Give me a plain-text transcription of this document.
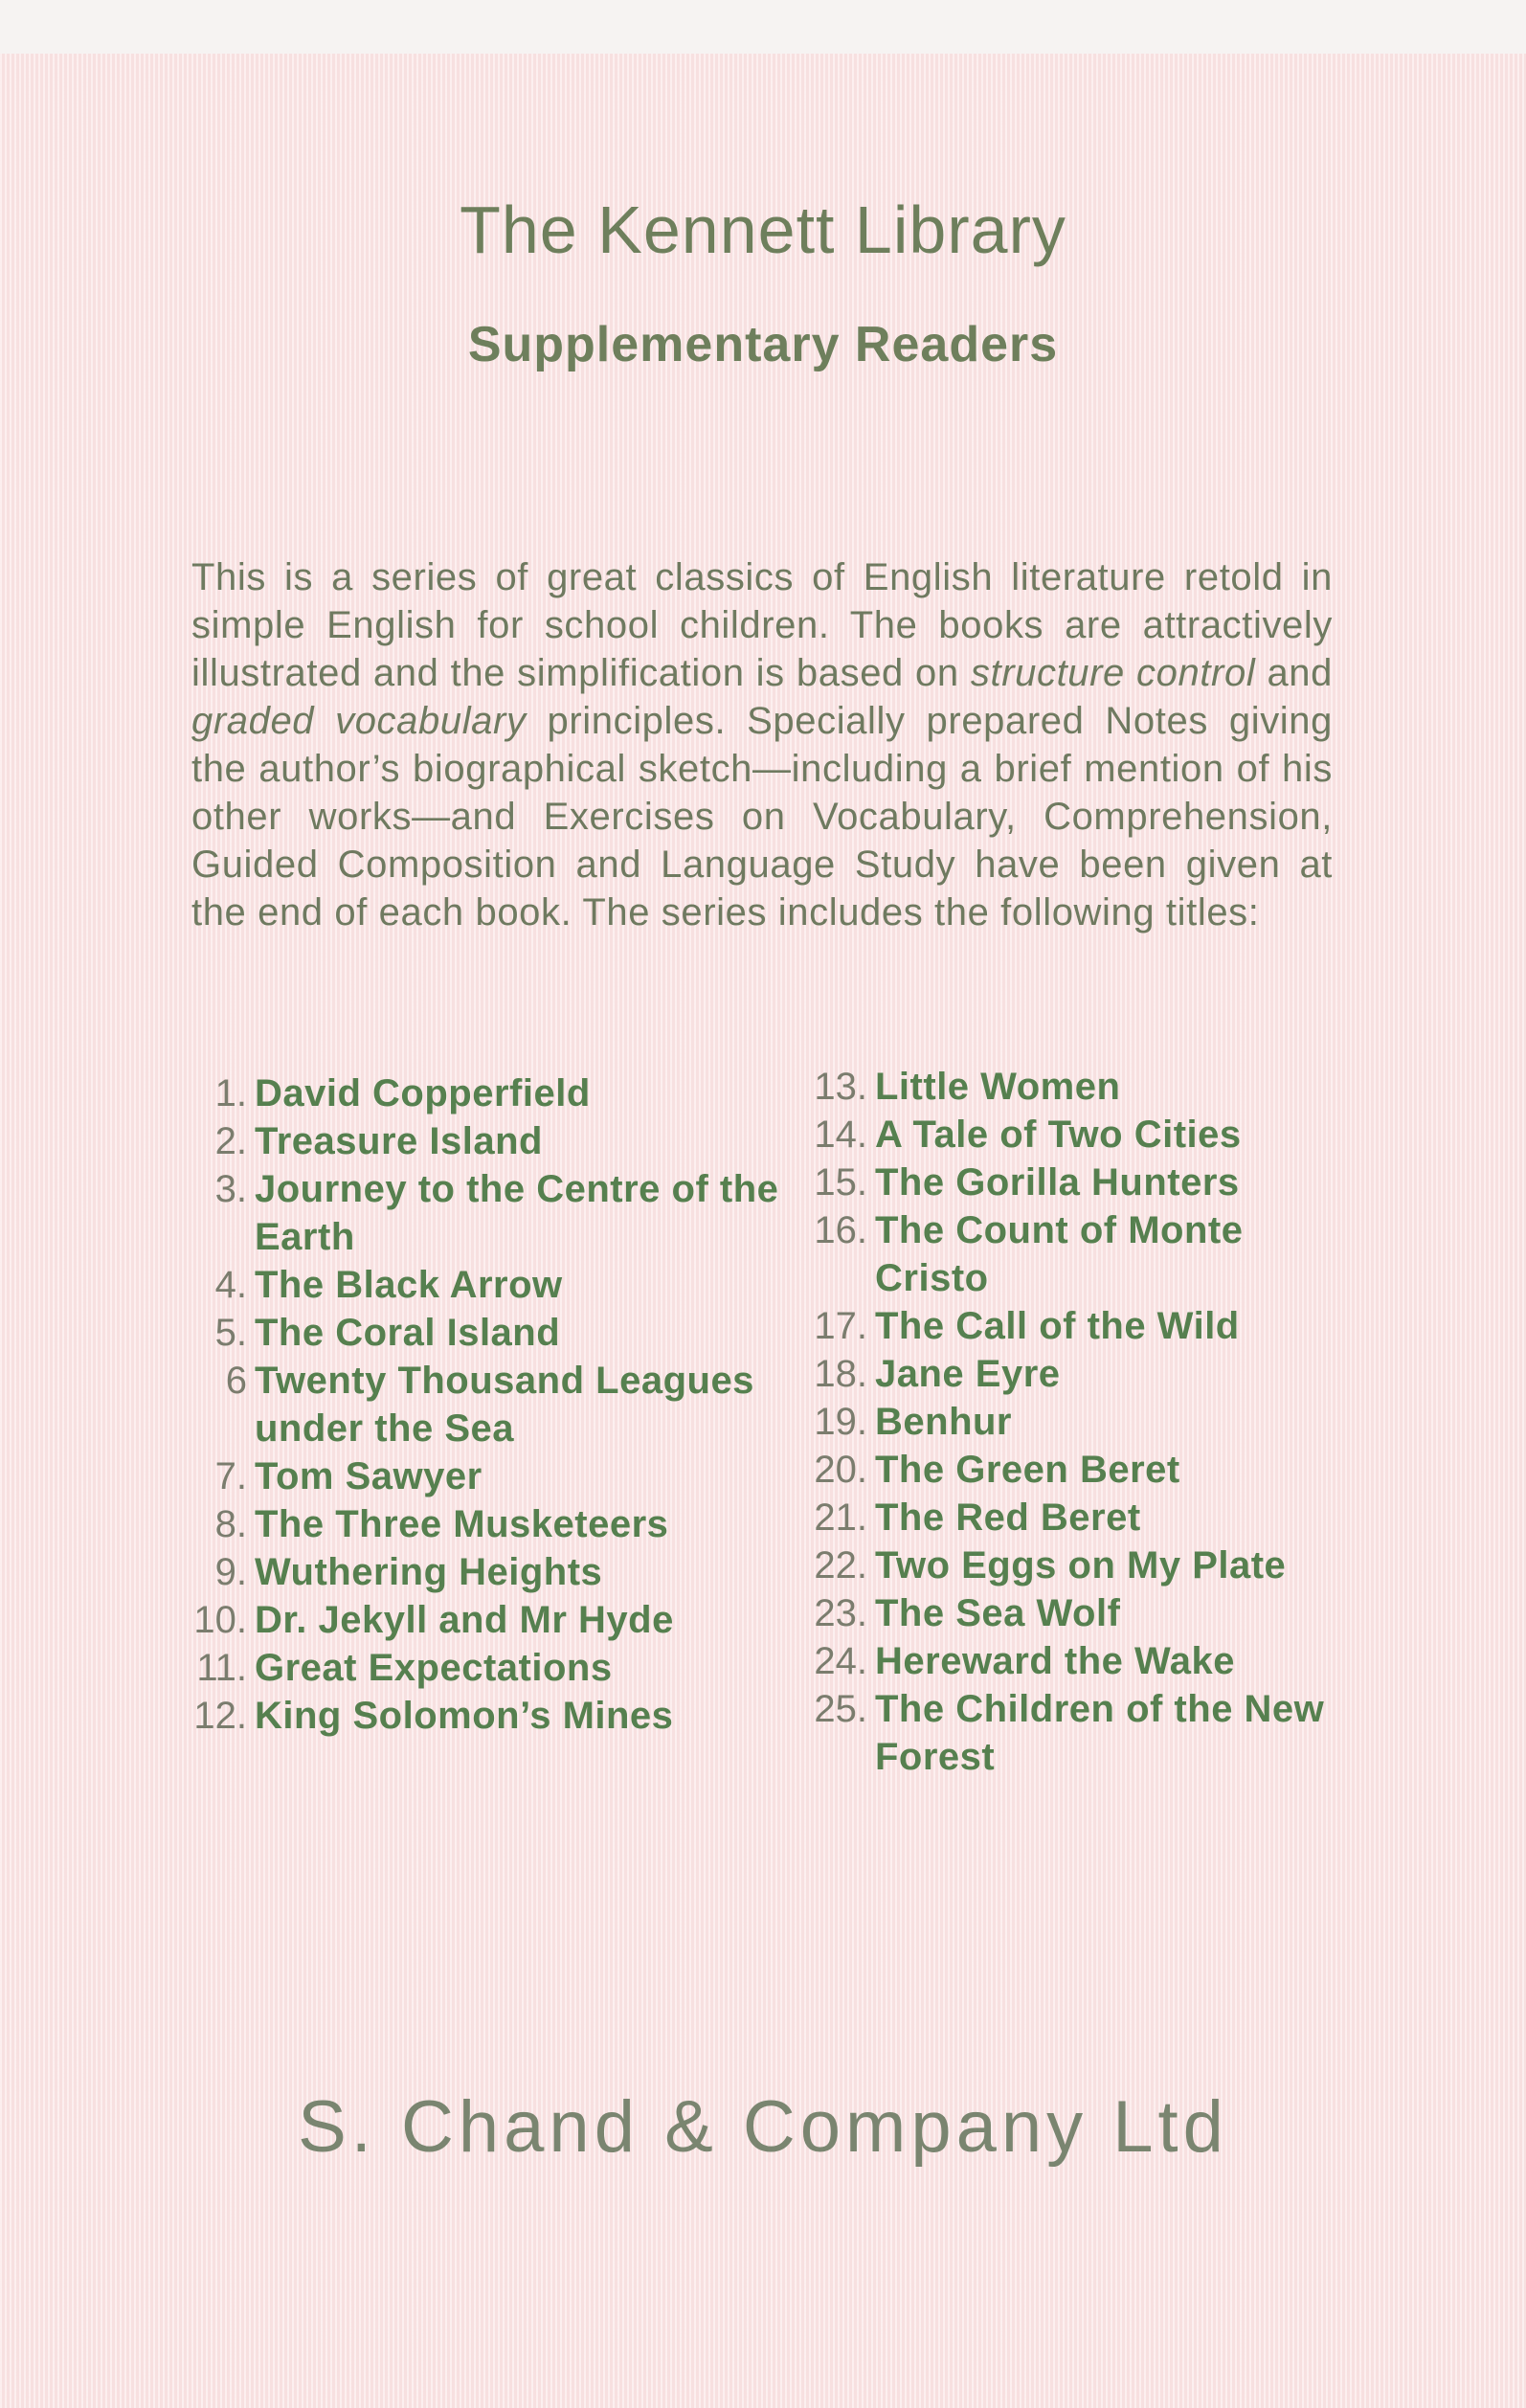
The Kennett Library
Supplementary Readers

This is a series of great classics of English literature retold in simple English for school children. The books are attractively illustrated and the simplification is based on structure control and graded vocabulary principles. Specially prepared Notes giving the author’s biographical sketch—including a brief mention of his other works—and Exercises on Vocabulary, Comprehension, Guided Composition and Language Study have been given at the end of each book. The series includes the following titles:

1. David Copperfield
2. Treasure Island
3. Journey to the Centre of the Earth
4. The Black Arrow
5. The Coral Island
6 Twenty Thousand Leagues under the Sea
7. Tom Sawyer
8. The Three Musketeers
9. Wuthering Heights
10. Dr. Jekyll and Mr Hyde
11. Great Expectations
12. King Solomon’s Mines
13. Little Women
14. A Tale of Two Cities
15. The Gorilla Hunters
16. The Count of Monte Cristo
17. The Call of the Wild
18. Jane Eyre
19. Benhur
20. The Green Beret
21. The Red Beret
22. Two Eggs on My Plate
23. The Sea Wolf
24. Hereward the Wake
25. The Children of the New Forest

S. Chand & Company Ltd
